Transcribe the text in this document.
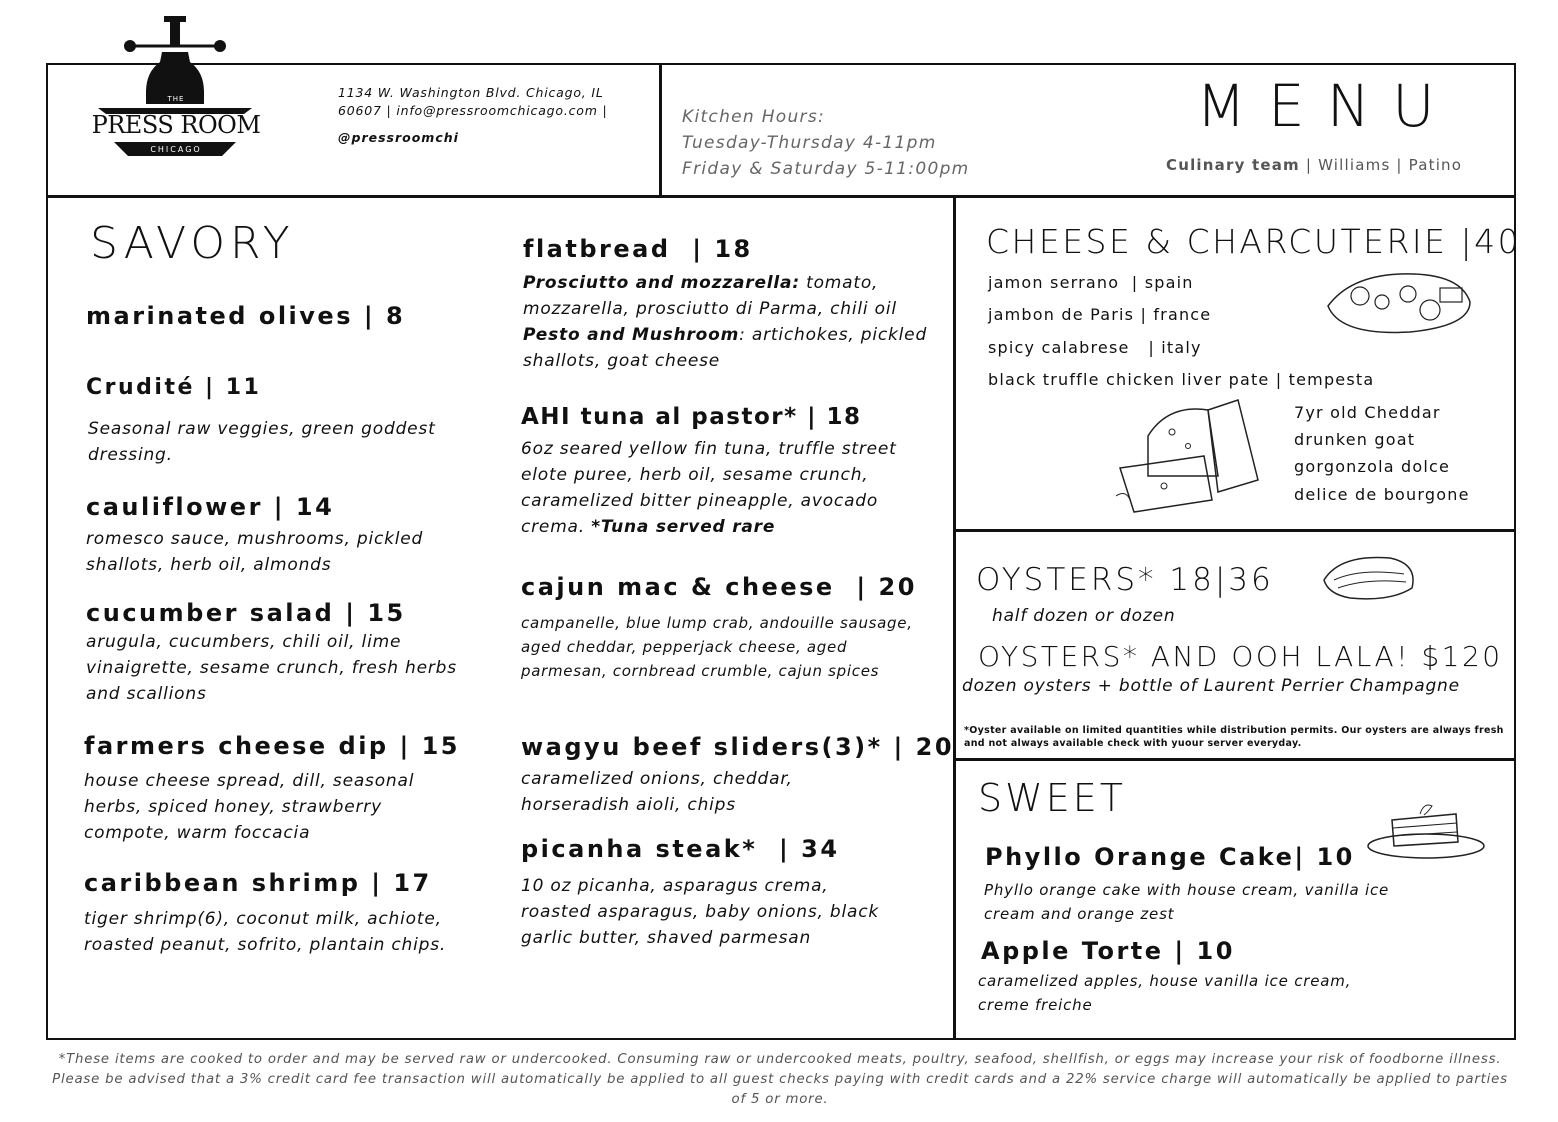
THE
PRESS ROOM
CHICAGO
1134 W. Washington Blvd. Chicago, IL 60607 | info@pressroomchicago.com |
@pressroomchi
Kitchen Hours:
Tuesday-Thursday 4-11pm
Friday & Saturday 5-11:00pm
MENU
Culinary team | Williams | Patino
SAVORY
marinated olives | 8
Crudité | 11
Seasonal raw veggies, green goddest dressing.
cauliflower | 14
romesco sauce, mushrooms, pickled shallots, herb oil, almonds
cucumber salad | 15
arugula, cucumbers, chili oil, lime vinaigrette, sesame crunch, fresh herbs and scallions
farmers cheese dip | 15
house cheese spread, dill, seasonal herbs, spiced honey, strawberry compote, warm foccacia
caribbean shrimp | 17
tiger shrimp(6), coconut milk, achiote, roasted peanut, sofrito, plantain chips.
flatbread  | 18
Prosciutto and mozzarella: tomato, mozzarella, prosciutto di Parma, chili oil
Pesto and Mushroom: artichokes, pickled shallots, goat cheese
AHI tuna al pastor* | 18
6oz seared yellow fin tuna, truffle street elote puree, herb oil, sesame crunch, caramelized bitter pineapple, avocado crema. *Tuna served rare
cajun mac & cheese  | 20
campanelle, blue lump crab, andouille sausage, aged cheddar, pepperjack cheese, aged parmesan, cornbread crumble, cajun spices
wagyu beef sliders(3)* | 20
caramelized onions, cheddar, horseradish aioli, chips
picanha steak*  | 34
10 oz picanha, asparagus crema, roasted asparagus, baby onions, black garlic butter, shaved parmesan
CHEESE & CHARCUTERIE |40
jamon serrano  | spain
jambon de Paris | france
spicy calabrese   | italy
black truffle chicken liver pate | tempesta
7yr old Cheddar
drunken goat
gorgonzola dolce
delice de bourgone
OYSTERS* 18|36
half dozen or dozen
OYSTERS* AND OOH LALA! $120
dozen oysters + bottle of Laurent Perrier Champagne
*Oyster available on limited quantities while distribution permits. Our oysters are always fresh and not always available check with yuour server everyday.
SWEET
Phyllo Orange Cake| 10
Phyllo orange cake with house cream, vanilla ice cream and orange zest
Apple Torte | 10
caramelized apples, house vanilla ice cream, creme freiche
*These items are cooked to order and may be served raw or undercooked. Consuming raw or undercooked meats, poultry, seafood, shellfish, or eggs may increase your risk of foodborne illness. Please be advised that a 3% credit card fee transaction will automatically be applied to all guest checks paying with credit cards and a 22% service charge will automatically be applied to parties of 5 or more.
